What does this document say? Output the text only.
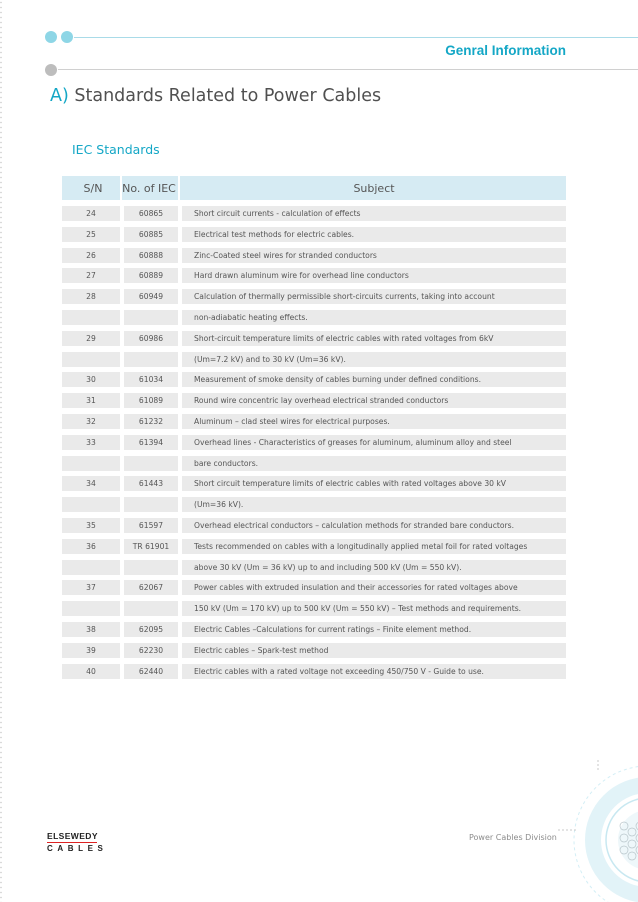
Genral Information
A) Standards Related to Power Cables
IEC Standards
S/N	No. of IEC	Subject
24	60865	Short circuit currents - calculation of effects
25	60885	Electrical test methods for electric cables.
26	60888	Zinc-Coated steel wires for stranded conductors
27	60889	Hard drawn aluminum wire for overhead line conductors
28	60949	Calculation of thermally permissible short-circuits currents, taking into account
non-adiabatic heating effects.
29	60986	Short-circuit temperature limits of electric cables with rated voltages from 6kV
(Um=7.2 kV) and to 30 kV (Um=36 kV).
30	61034	Measurement of smoke density of cables burning under defined conditions.
31	61089	Round wire concentric lay overhead electrical stranded conductors
32	61232	Aluminum – clad steel wires for electrical purposes.
33	61394	Overhead lines - Characteristics of greases for aluminum, aluminum alloy and steel
bare conductors.
34	61443	Short circuit temperature limits of electric cables with rated voltages above 30 kV
(Um=36 kV).
35	61597	Overhead electrical conductors – calculation methods for stranded bare conductors.
36	TR 61901	Tests recommended on cables with a longitudinally applied metal foil for rated voltages
above 30 kV (Um = 36 kV) up to and including 500 kV (Um = 550 kV).
37	62067	Power cables with extruded insulation and their accessories for rated voltages above
150 kV (Um = 170 kV) up to 500 kV (Um = 550 kV) – Test methods and requirements.
38	62095	Electric Cables –Calculations for current ratings – Finite element method.
39	62230	Electric cables – Spark-test method
40	62440	Electric cables with a rated voltage not exceeding 450/750 V - Guide to use.
ELSEWEDY
CABLES
Power Cables Division	7
